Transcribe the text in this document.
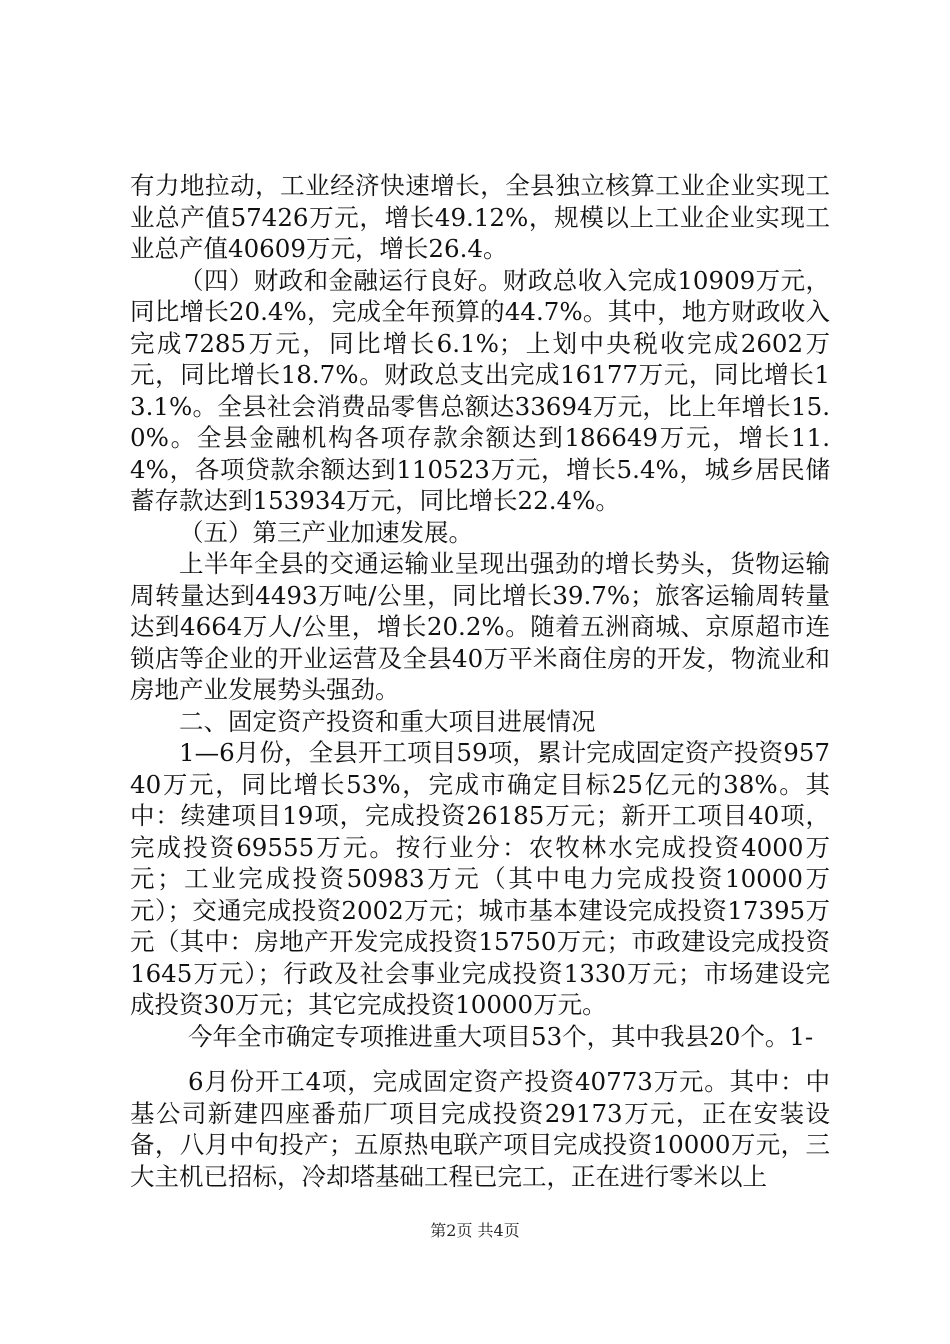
有力地拉动，工业经济快速增长，全县独立核算工业企业实现工业总产值57426万元，增长49.12%，规模以上工业企业实现工业总产值40609万元，增长26.4。

（四）财政和金融运行良好。财政总收入完成10909万元，同比增长20.4%，完成全年预算的44.7%。其中，地方财政收入完成7285万元，同比增长6.1%；上划中央税收完成2602万元，同比增长18.7%。财政总支出完成16177万元，同比增长13.1%。全县社会消费品零售总额达33694万元，比上年增长15.0%。全县金融机构各项存款余额达到186649万元，增长11.4%，各项贷款余额达到110523万元，增长5.4%，城乡居民储蓄存款达到153934万元，同比增长22.4%。

（五）第三产业加速发展。

上半年全县的交通运输业呈现出强劲的增长势头，货物运输周转量达到4493万吨/公里，同比增长39.7%；旅客运输周转量达到4664万人/公里，增长20.2%。随着五洲商城、京原超市连锁店等企业的开业运营及全县40万平米商住房的开发，物流业和房地产业发展势头强劲。

二、固定资产投资和重大项目进展情况

1—6月份，全县开工项目59项，累计完成固定资产投资95740万元，同比增长53%，完成市确定目标25亿元的38%。其中：续建项目19项，完成投资26185万元；新开工项目40项，完成投资69555万元。按行业分：农牧林水完成投资4000万元；工业完成投资50983万元（其中电力完成投资10000万元）；交通完成投资2002万元；城市基本建设完成投资17395万元（其中：房地产开发完成投资15750万元；市政建设完成投资1645万元）；行政及社会事业完成投资1330万元；市场建设完成投资30万元；其它完成投资10000万元。

今年全市确定专项推进重大项目53个，其中我县20个。1-

6月份开工4项，完成固定资产投资40773万元。其中：中基公司新建四座番茄厂项目完成投资29173万元，正在安装设备，八月中旬投产；五原热电联产项目完成投资10000万元，三大主机已招标，冷却塔基础工程已完工，正在进行零米以上

第2页 共4页
